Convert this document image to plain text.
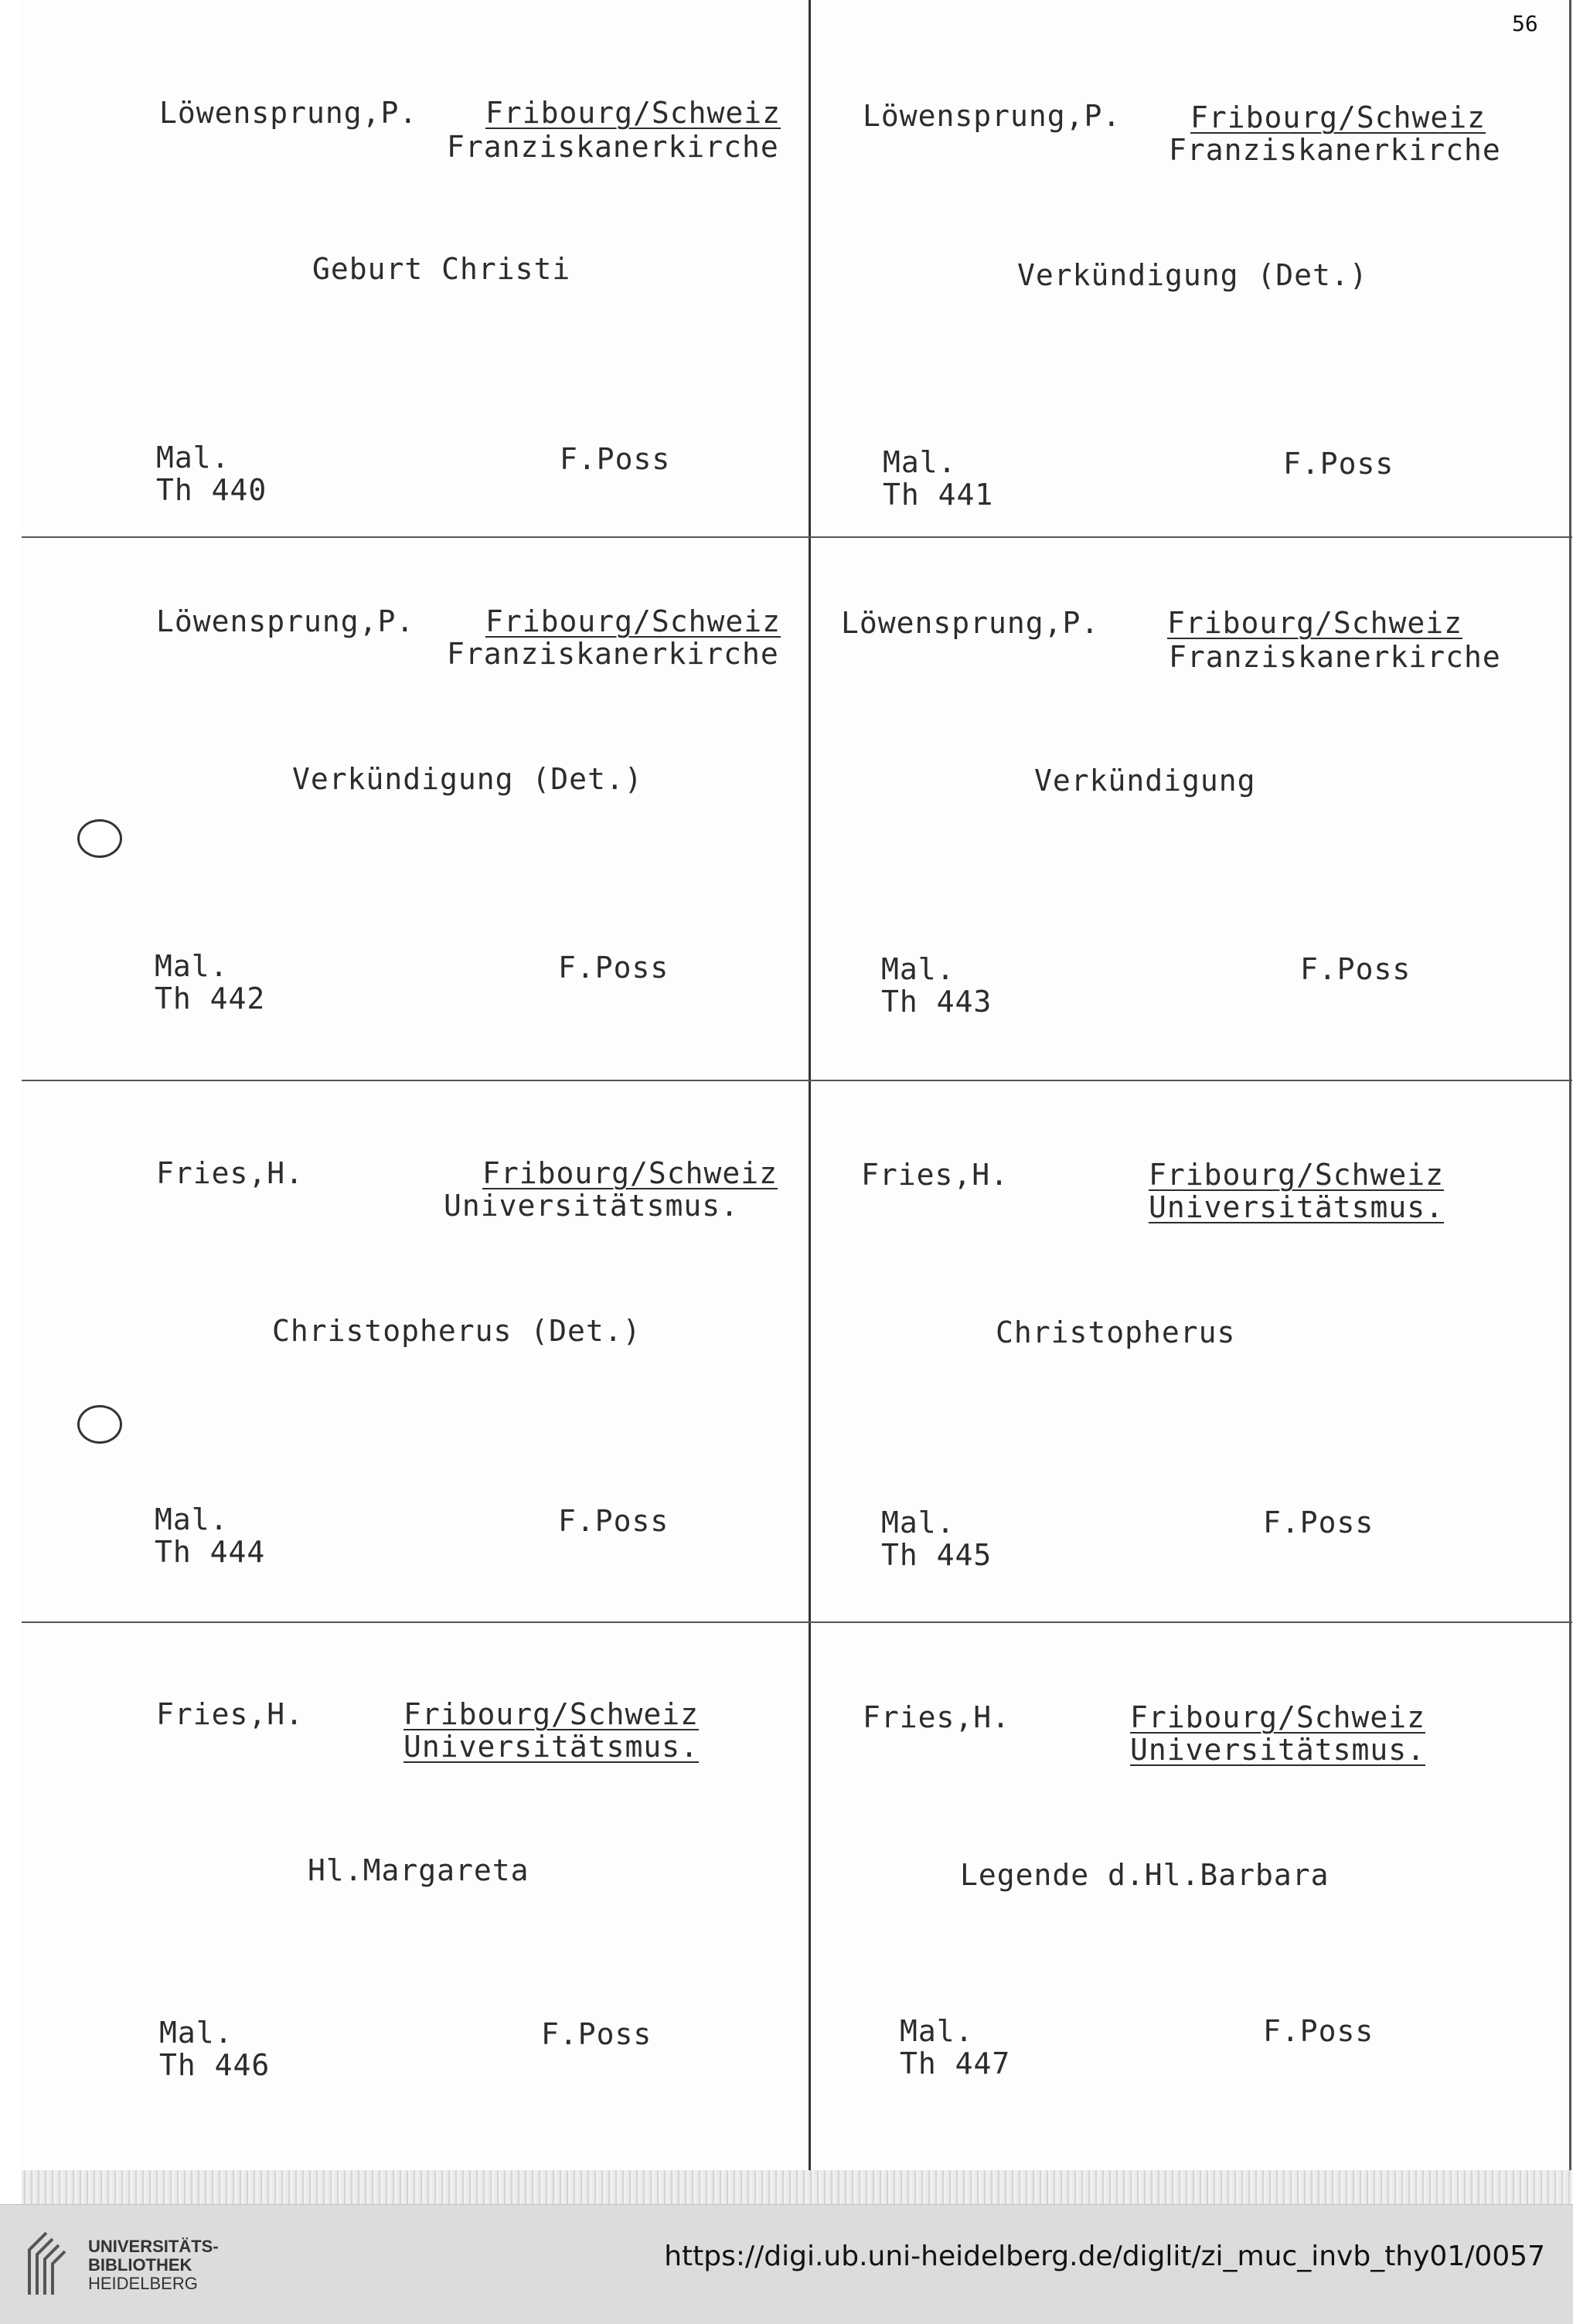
56
Löwensprung,P. Fribourg/Schweiz
Franziskanerkirche
Geburt Christi
Mal.
Th 440
F.Poss
Löwensprung,P. Fribourg/Schweiz
Franziskanerkirche
Verkündigung (Det.)
Mal.
Th 441
F.Poss
Löwensprung,P. Fribourg/Schweiz
Franziskanerkirche
Verkündigung (Det.)
Mal.
Th 442
F.Poss
Löwensprung,P. Fribourg/Schweiz
Franziskanerkirche
Verkündigung
Mal.
Th 443
F.Poss
Fries,H.	Fribourg/Schweiz
Universitätsmus.
Christopherus (Det.)
Mal.
Th 444
F.Poss
Fries,H.	Fribourg/Schweiz
Universitätsmus.
Christopherus
Mal.
Th 445
F.Poss
Fries,H.	Fribourg/Schweiz
Universitätsmus.
Hl.Margareta
Mal.
Th 446
F.Poss
Fries,H.	Fribourg/Schweiz
Universitätsmus.
Legende d.Hl.Barbara
Mal.
Th 447
F.Poss
UNIVERSITÄTS-
BIBLIOTHEK
HEIDELBERG
https://digi.ub.uni-heidelberg.de/diglit/zi_muc_invb_thy01/0057
